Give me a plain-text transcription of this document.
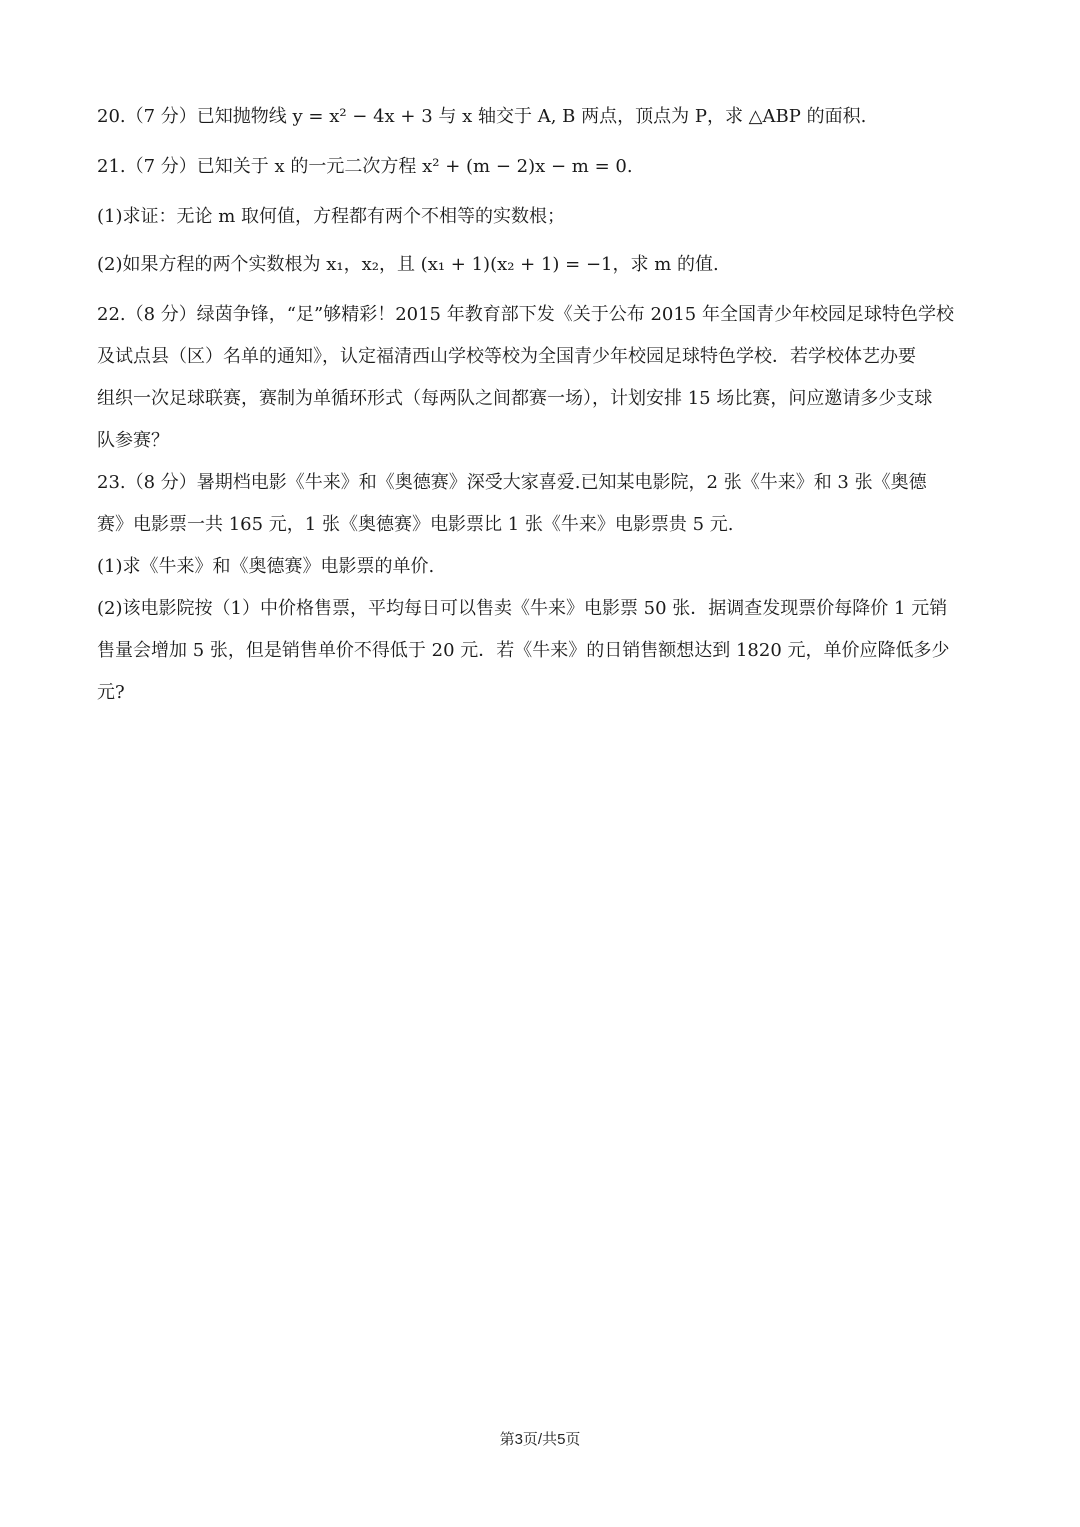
20.（7 分）已知抛物线 y = x² − 4x + 3 与 x 轴交于 A, B 两点，顶点为 P，求 △ABP 的面积.
21.（7 分）已知关于 x 的一元二次方程 x² + (m − 2)x − m = 0.
(1)求证：无论 m 取何值，方程都有两个不相等的实数根；
(2)如果方程的两个实数根为 x₁，x₂，且 (x₁ + 1)(x₂ + 1) = −1，求 m 的值.
22.（8 分）绿茵争锋，“足”够精彩！2015 年教育部下发《关于公布 2015 年全国青少年校园足球特色学校
及试点县（区）名单的通知》，认定福清西山学校等校为全国青少年校园足球特色学校．若学校体艺办要
组织一次足球联赛，赛制为单循环形式（每两队之间都赛一场），计划安排 15 场比赛，问应邀请多少支球
队参赛？
23.（8 分）暑期档电影《牛来》和《奥德赛》深受大家喜爱.已知某电影院，2 张《牛来》和 3 张《奥德
赛》电影票一共 165 元，1 张《奥德赛》电影票比 1 张《牛来》电影票贵 5 元.
(1)求《牛来》和《奥德赛》电影票的单价.
(2)该电影院按（1）中价格售票，平均每日可以售卖《牛来》电影票 50 张．据调查发现票价每降价 1 元销
售量会增加 5 张，但是销售单价不得低于 20 元．若《牛来》的日销售额想达到 1820 元，单价应降低多少
元?
第3页/共5页
